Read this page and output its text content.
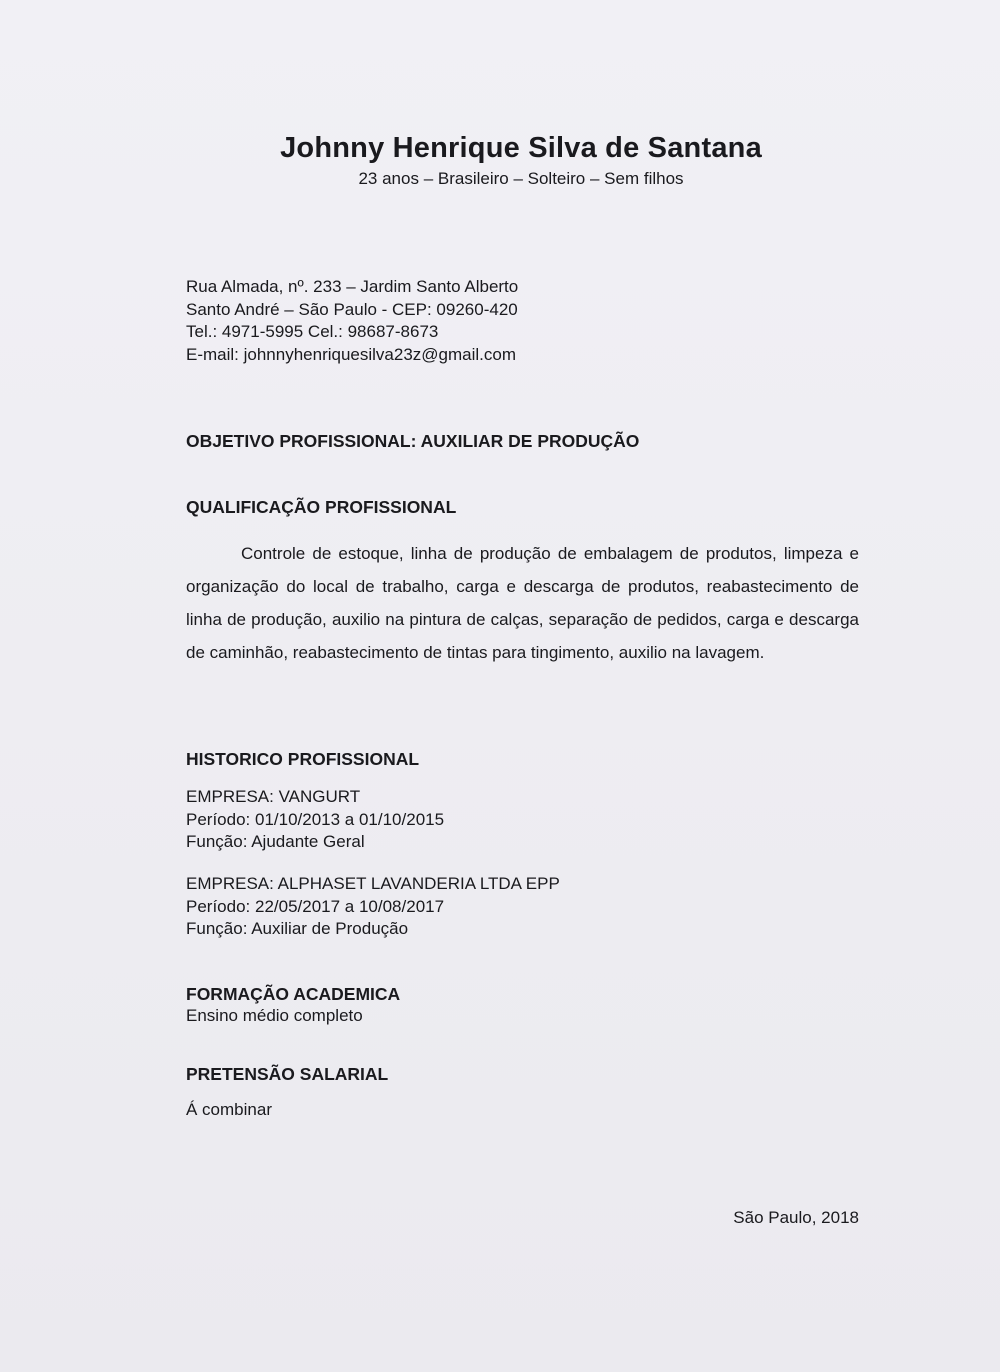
Johnny Henrique Silva de Santana
23 anos – Brasileiro – Solteiro – Sem filhos
Rua Almada, nº. 233 – Jardim Santo Alberto
Santo André – São Paulo - CEP: 09260-420
Tel.: 4971-5995 Cel.: 98687-8673
E-mail: johnnyhenriquesilva23z@gmail.com
OBJETIVO PROFISSIONAL: AUXILIAR DE PRODUÇÃO
QUALIFICAÇÃO PROFISSIONAL
Controle de estoque, linha de produção de embalagem de produtos, limpeza e organização do local de trabalho, carga e descarga de produtos, reabastecimento de linha de produção, auxilio na pintura de calças, separação de pedidos, carga e descarga de caminhão, reabastecimento de tintas para tingimento, auxilio na lavagem.
HISTORICO PROFISSIONAL
EMPRESA: VANGURT
Período: 01/10/2013 a 01/10/2015
Função: Ajudante Geral
EMPRESA: ALPHASET LAVANDERIA LTDA EPP
Período: 22/05/2017 a 10/08/2017
Função: Auxiliar de Produção
FORMAÇÃO ACADEMICA
Ensino médio completo
PRETENSÃO SALARIAL
Á combinar
São Paulo, 2018
